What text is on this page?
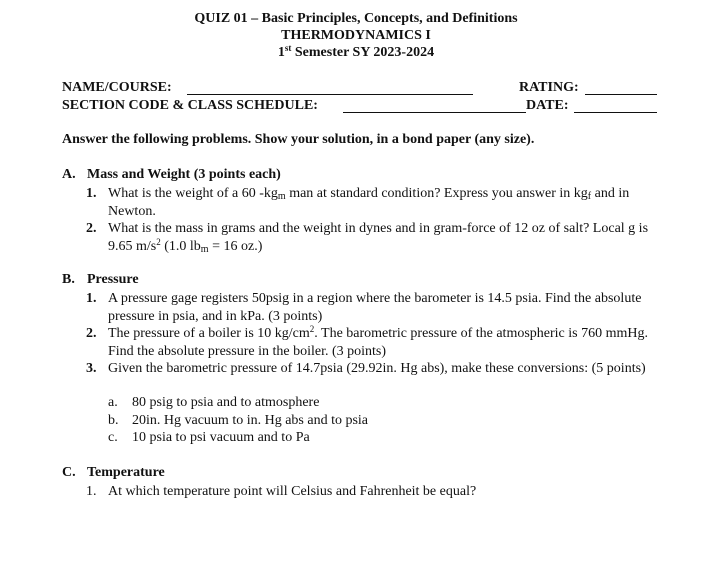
QUIZ 01 – Basic Principles, Concepts, and Definitions
THERMODYNAMICS I
1st Semester SY 2023-2024
NAME/COURSE:	RATING:
SECTION CODE & CLASS SCHEDULE:	DATE:
Answer the following problems. Show your solution, in a bond paper (any size).
A. Mass and Weight (3 points each)
1. What is the weight of a 60 $-kg_m$ man at standard condition? Express you answer in $kg_f$ and in Newton.
2. What is the mass in grams and the weight in dynes and in gram-force of 12 oz of salt? Local g is 9.65 $m/s^2$ (1.0 $lb_m = 16$ oz.)
B. Pressure
1. A pressure gage registers 50psig in a region where the barometer is 14.5 psia. Find the absolute pressure in psia, and in kPa. (3 points)
2. The pressure of a boiler is 10 $kg/cm^2$. The barometric pressure of the atmospheric is 760 mmHg. Find the absolute pressure in the boiler. (3 points)
3. Given the barometric pressure of 14.7psia (29.92in. Hg abs), make these conversions: (5 points)
a. 80 psig to psia and to atmosphere
b. 20in. Hg vacuum to in. Hg abs and to psia
c. 10 psia to psi vacuum and to Pa
C. Temperature
1. At which temperature point will Celsius and Fahrenheit be equal?
